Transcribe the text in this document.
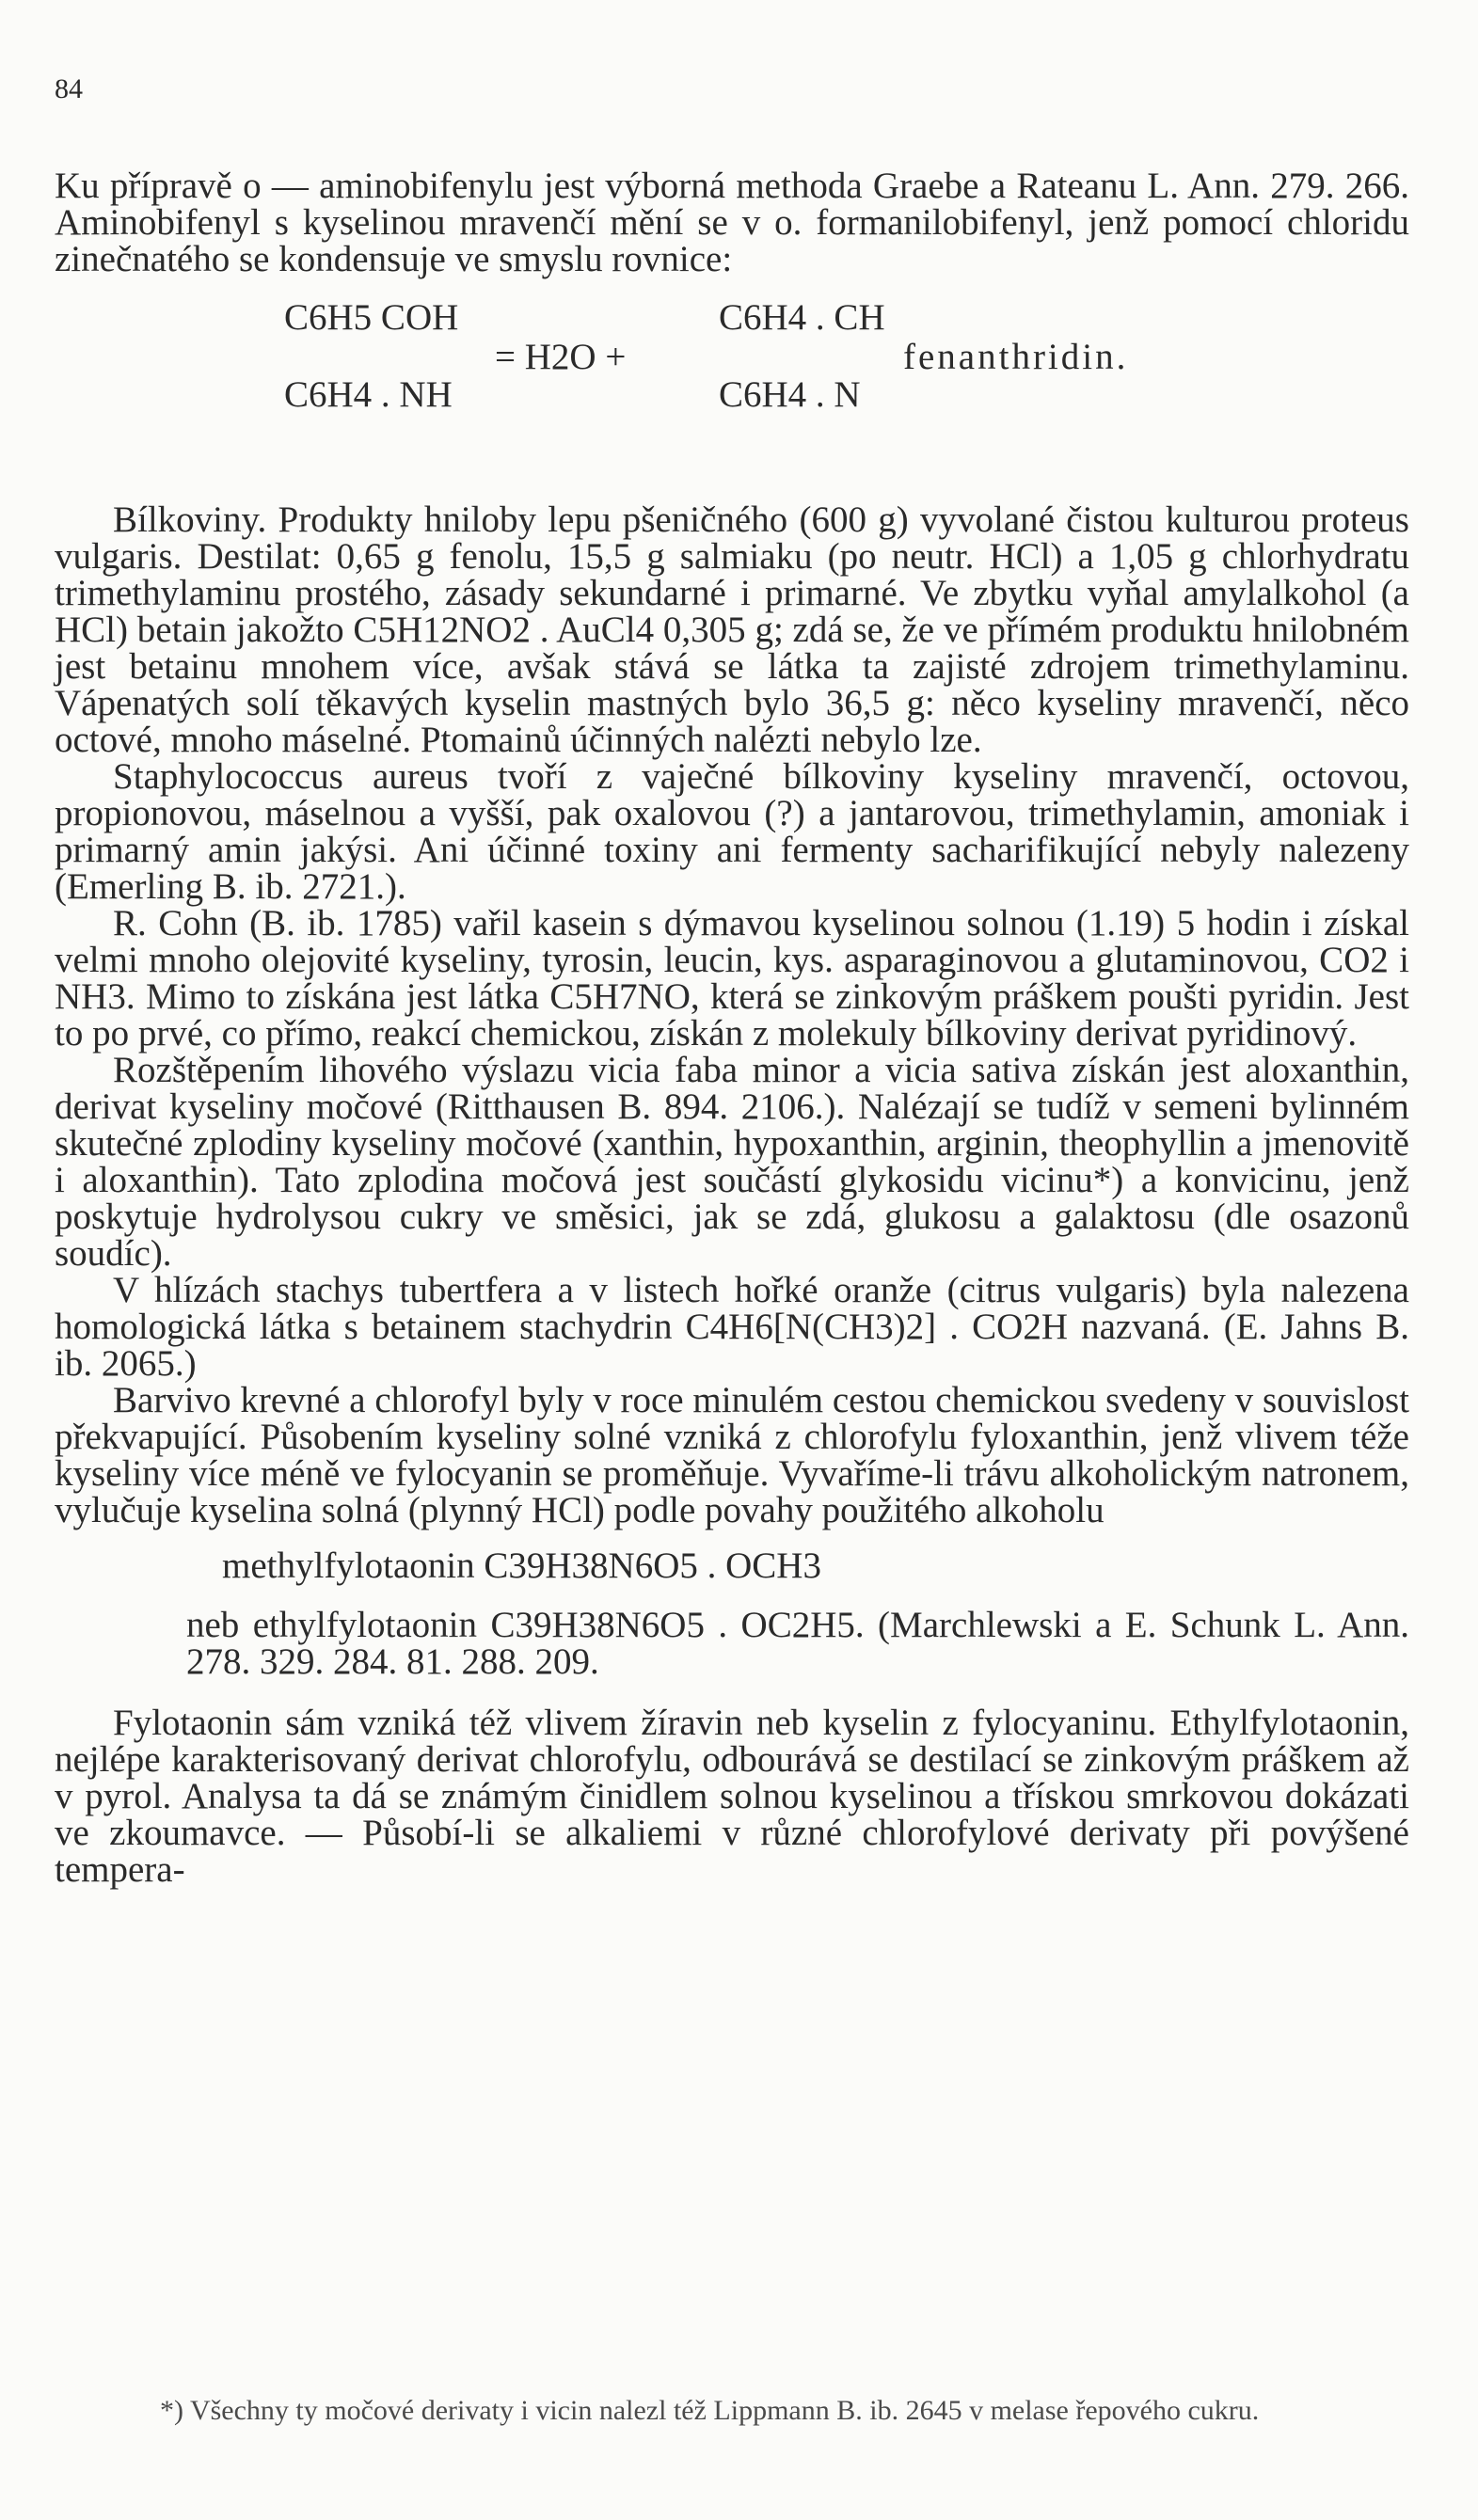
84

Ku přípravě o — aminobifenylu jest výborná methoda Graebe a Rateanu L. Ann. 279. 266. Aminobifenyl s kyselinou mravenčí mění se v o. formanilobifenyl, jenž pomocí chloridu zinečnatého se kondensuje ve smyslu rovnice:

C6H5 COH
C6H4 . NH
= H2O +
C6H4 . CH
C6H4 . N
fenanthridin.

Bílkoviny. Produkty hniloby lepu pšeničného (600 g) vyvolané čistou kulturou proteus vulgaris. Destilat: 0,65 g fenolu, 15,5 g salmiaku (po neutr. HCl) a 1,05 g chlorhydratu trimethylaminu prostého, zásady sekundarné i primarné. Ve zbytku vyňal amylalkohol (a HCl) betain jakožto C5H12NO2 . AuCl4 0,305 g; zdá se, že ve přímém produktu hnilobném jest betainu mnohem více, avšak stává se látka ta zajisté zdrojem trimethylaminu. Vápenatých solí těkavých kyselin mastných bylo 36,5 g: něco kyseliny mravenčí, něco octové, mnoho máselné. Ptomainů účinných nalézti nebylo lze.

Staphylococcus aureus tvoří z vaječné bílkoviny kyseliny mravenčí, octovou, propionovou, máselnou a vyšší, pak oxalovou (?) a jantarovou, trimethylamin, amoniak i primarný amin jakýsi. Ani účinné toxiny ani fermenty sacharifikující nebyly nalezeny (Emerling B. ib. 2721.).

R. Cohn (B. ib. 1785) vařil kasein s dýmavou kyselinou solnou (1.19) 5 hodin i získal velmi mnoho olejovité kyseliny, tyrosin, leucin, kys. asparaginovou a glutaminovou, CO2 i NH3. Mimo to získána jest látka C5H7NO, která se zinkovým práškem poušti pyridin. Jest to po prvé, co přímo, reakcí chemickou, získán z molekuly bílkoviny derivat pyridinový.

Rozštěpením lihového výslazu vicia faba minor a vicia sativa získán jest aloxanthin, derivat kyseliny močové (Ritthausen B. 894. 2106.). Nalézají se tudíž v semeni bylinném skutečné zplodiny kyseliny močové (xanthin, hypoxanthin, arginin, theophyllin a jmenovitě i aloxanthin). Tato zplodina močová jest součástí glykosidu vicinu*) a konvicinu, jenž poskytuje hydrolysou cukry ve směsici, jak se zdá, glukosu a galaktosu (dle osazonů soudíc).

V hlízách stachys tubertfera a v listech hořké oranže (citrus vulgaris) byla nalezena homologická látka s betainem stachydrin C4H6[N(CH3)2] . CO2H nazvaná. (E. Jahns B. ib. 2065.)

Barvivo krevné a chlorofyl byly v roce minulém cestou chemickou svedeny v souvislost překvapující. Působením kyseliny solné vzniká z chlorofylu fyloxanthin, jenž vlivem téže kyseliny více méně ve fylocyanin se proměňuje. Vyvaříme-li trávu alkoholickým natronem, vylučuje kyselina solná (plynný HCl) podle povahy použitého alkoholu

methylfylotaonin C39H38N6O5 . OCH3

neb ethylfylotaonin C39H38N6O5 . OC2H5. (Marchlewski a E. Schunk L. Ann. 278. 329. 284. 81. 288. 209.

Fylotaonin sám vzniká též vlivem žíravin neb kyselin z fylocyaninu. Ethylfylotaonin, nejlépe karakterisovaný derivat chlorofylu, odbourává se destilací se zinkovým práškem až v pyrol. Analysa ta dá se známým činidlem solnou kyselinou a třískou smrkovou dokázati ve zkoumavce. — Působí-li se alkaliemi v různé chlorofylové derivaty při povýšené tempera-

*) Všechny ty močové derivaty i vicin nalezl též Lippmann B. ib. 2645 v melase řepového cukru.
